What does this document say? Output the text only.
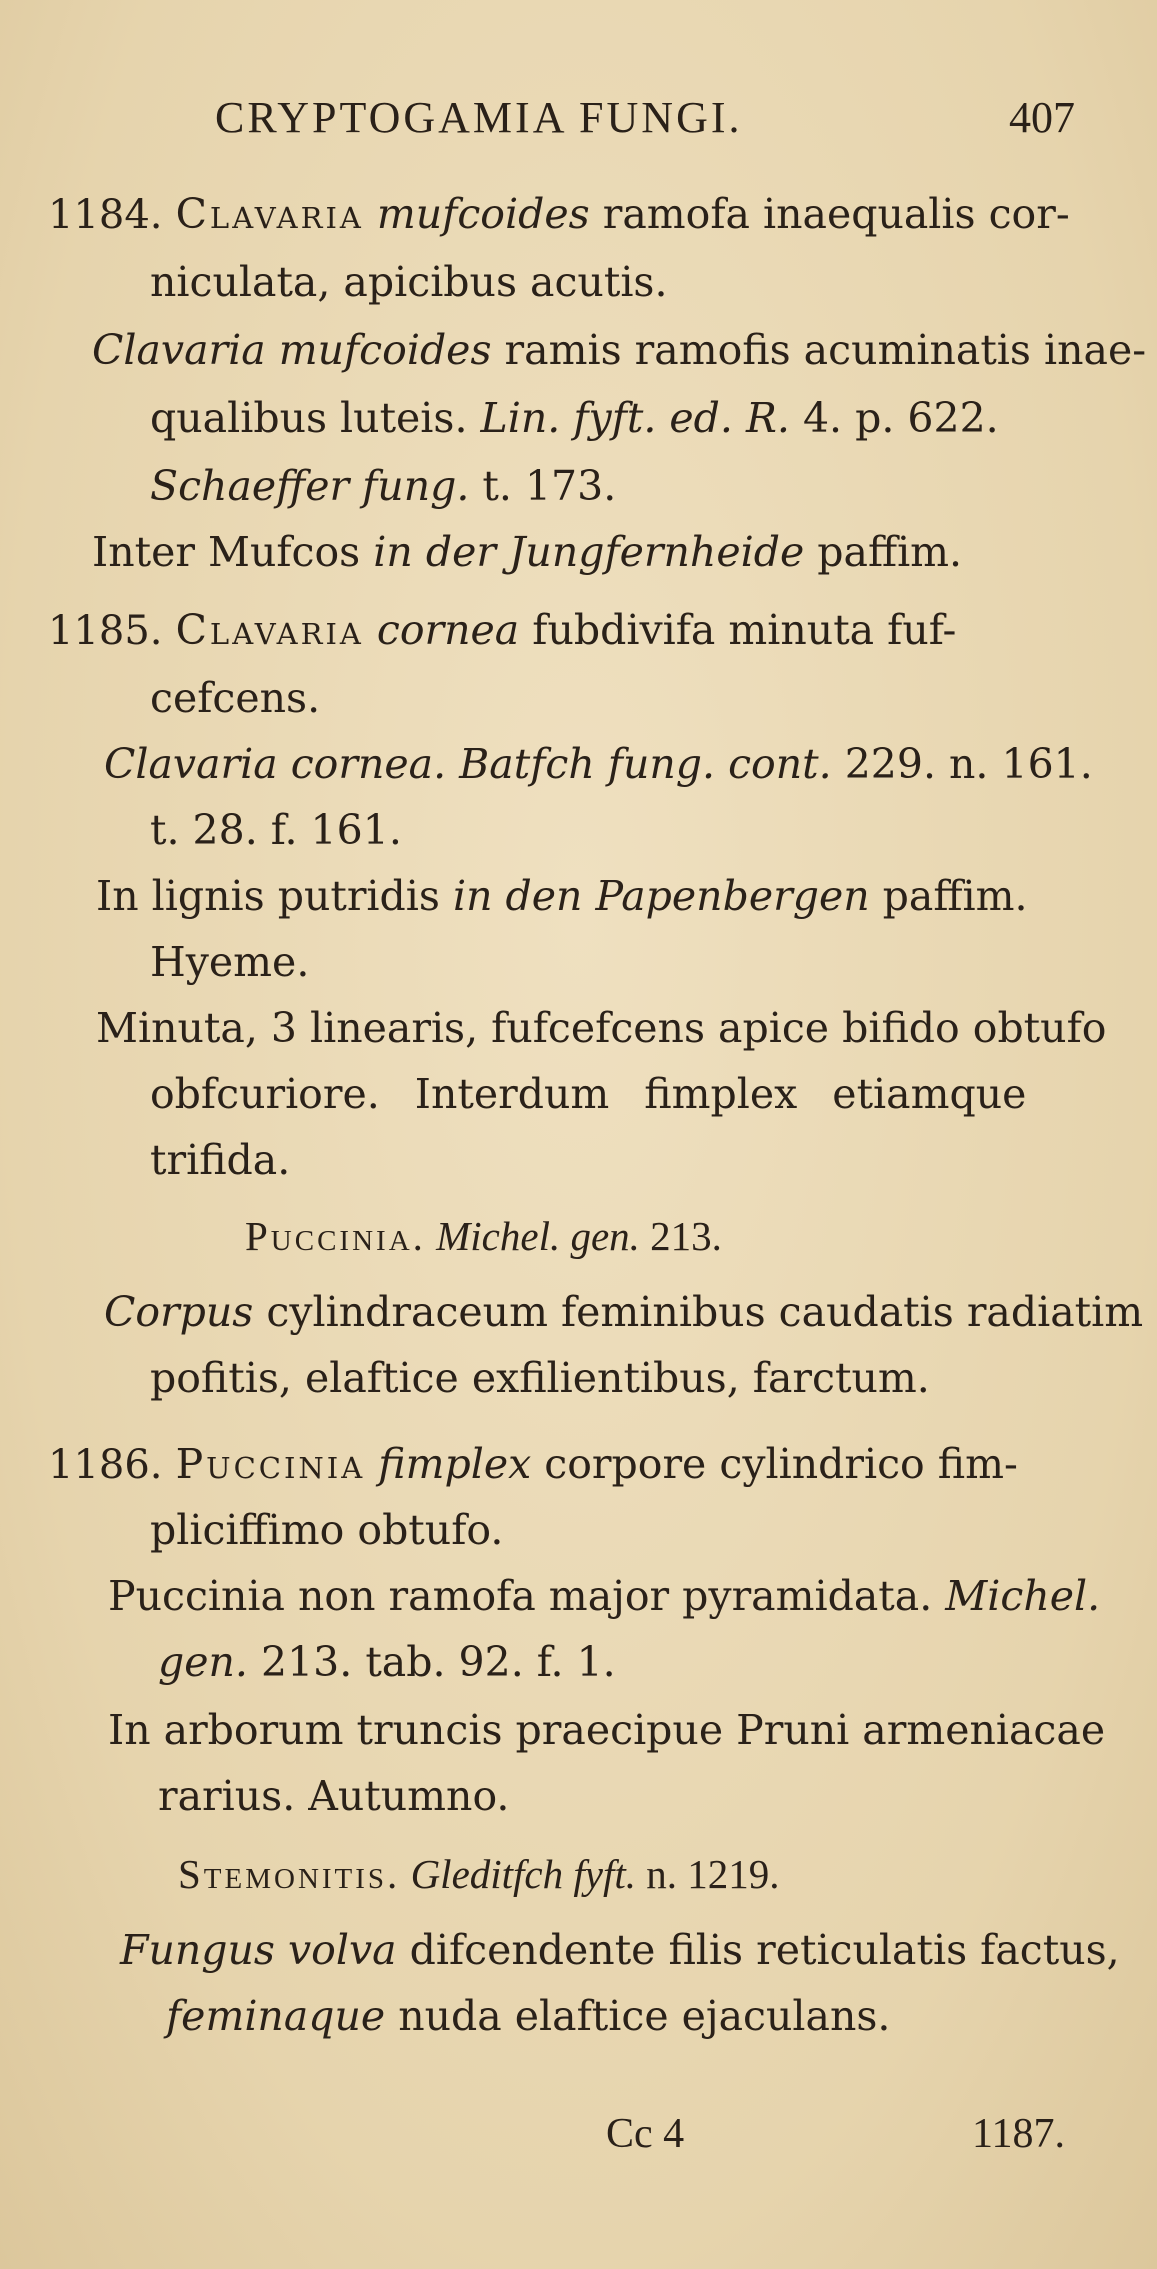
CRYPTOGAMIA FUNGI.	407
1184. Clavaria mufcoides ramofa inaequalis cor-
niculata, apicibus acutis.
Clavaria mufcoides ramis ramofis acuminatis inae-
qualibus luteis. Lin. fyft. ed. R. 4. p. 622.
Schaeffer fung. t. 173.
Inter Mufcos in der Jungfernheide paffim.
1185. Clavaria cornea fubdivifa minuta fuf-
cefcens.
Clavaria cornea. Batfch fung. cont. 229. n. 161.
t. 28. f. 161.
In lignis putridis in den Papenbergen paffim.
Hyeme.
Minuta, 3 linearis, fufcefcens apice bifido obtufo
obfcuriore. Interdum fimplex etiamque
trifida.
Puccinia. Michel. gen. 213.
Corpus cylindraceum feminibus caudatis radiatim
pofitis, elaftice exfilientibus, farctum.
1186. Puccinia fimplex corpore cylindrico fim-
pliciffimo obtufo.
Puccinia non ramofa major pyramidata. Michel.
gen. 213. tab. 92. f. 1.
In arborum truncis praecipue Pruni armeniacae
rarius. Autumno.
Stemonitis. Gleditfch fyft. n. 1219.
Fungus volva difcendente filis reticulatis factus,
feminaque nuda elaftice ejaculans.
Cc 4	1187.
